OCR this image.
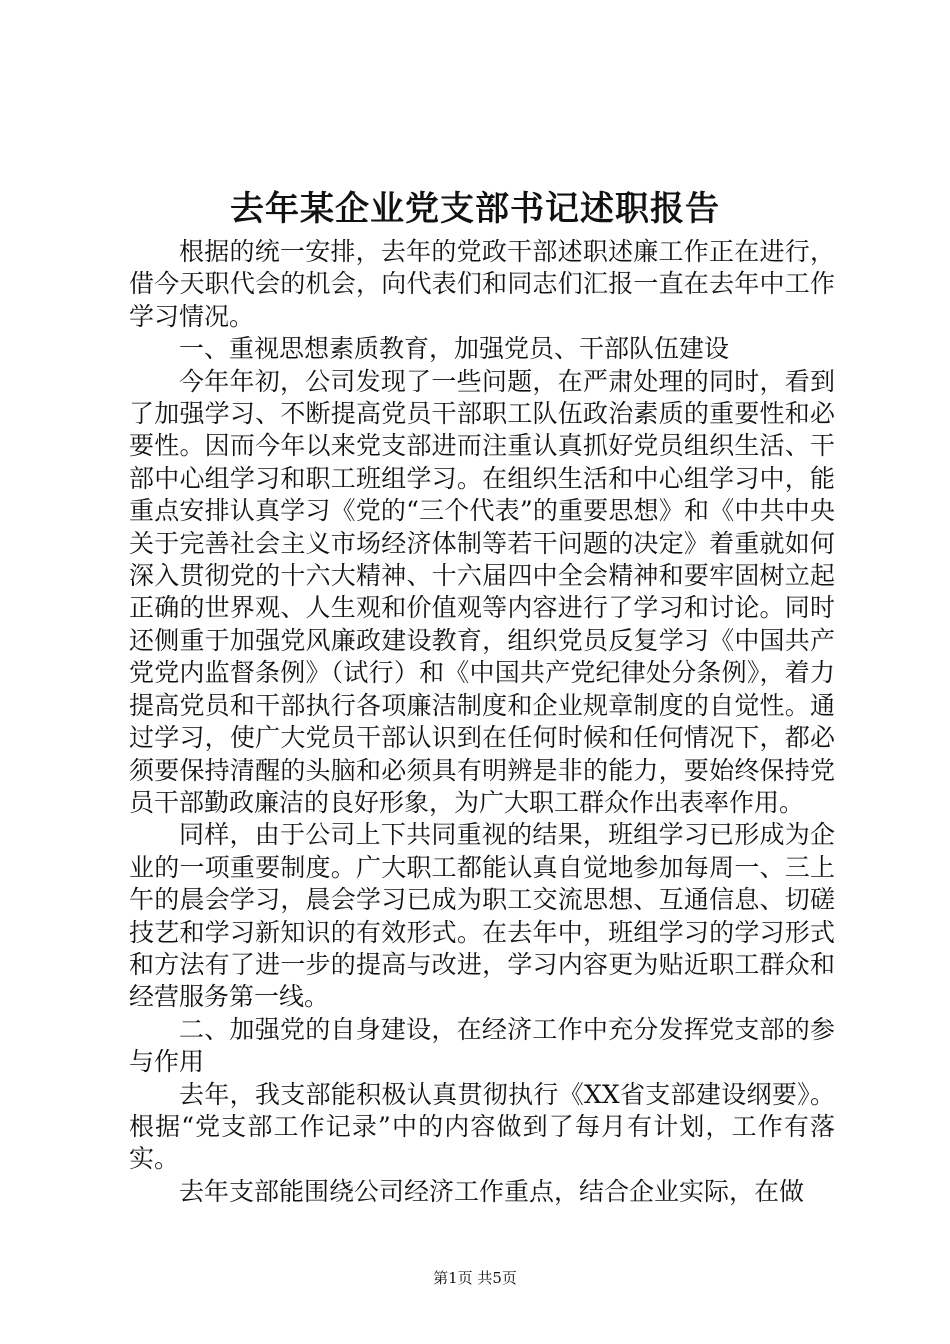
去年某企业党支部书记述职报告

根据的统一安排，去年的党政干部述职述廉工作正在进行，借今天职代会的机会，向代表们和同志们汇报一直在去年中工作学习情况。

一、重视思想素质教育，加强党员、干部队伍建设

今年年初，公司发现了一些问题，在严肃处理的同时，看到了加强学习、不断提高党员干部职工队伍政治素质的重要性和必要性。因而今年以来党支部进而注重认真抓好党员组织生活、干部中心组学习和职工班组学习。在组织生活和中心组学习中，能重点安排认真学习《党的“三个代表”的重要思想》和《中共中央关于完善社会主义市场经济体制等若干问题的决定》着重就如何深入贯彻党的十六大精神、十六届四中全会精神和要牢固树立起正确的世界观、人生观和价值观等内容进行了学习和讨论。同时还侧重于加强党风廉政建设教育，组织党员反复学习《中国共产党党内监督条例》（试行）和《中国共产党纪律处分条例》，着力提高党员和干部执行各项廉洁制度和企业规章制度的自觉性。通过学习，使广大党员干部认识到在任何时候和任何情况下，都必须要保持清醒的头脑和必须具有明辨是非的能力，要始终保持党员干部勤政廉洁的良好形象，为广大职工群众作出表率作用。

同样，由于公司上下共同重视的结果，班组学习已形成为企业的一项重要制度。广大职工都能认真自觉地参加每周一、三上午的晨会学习，晨会学习已成为职工交流思想、互通信息、切磋技艺和学习新知识的有效形式。在去年中，班组学习的学习形式和方法有了进一步的提高与改进，学习内容更为贴近职工群众和经营服务第一线。

二、加强党的自身建设，在经济工作中充分发挥党支部的参与作用

去年，我支部能积极认真贯彻执行《XX省支部建设纲要》。根据“党支部工作记录”中的内容做到了每月有计划，工作有落实。

去年支部能围绕公司经济工作重点，结合企业实际，在做

第1页 共5页
